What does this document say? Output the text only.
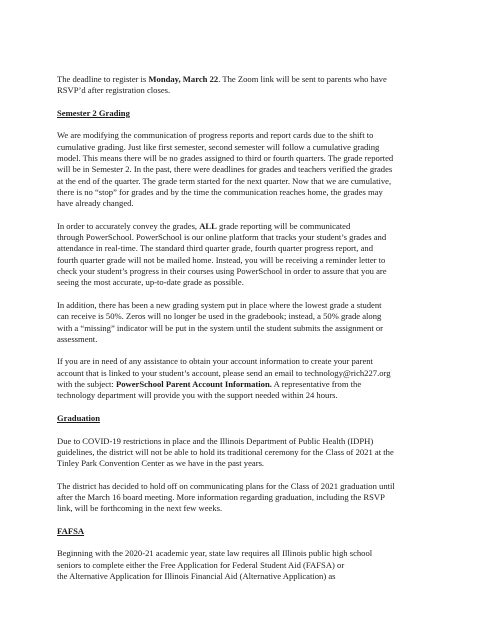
The deadline to register is Monday, March 22. The Zoom link will be sent to parents who have
RSVP’d after registration closes.

Semester 2 Grading

We are modifying the communication of progress reports and report cards due to the shift to
cumulative grading. Just like first semester, second semester will follow a cumulative grading
model. This means there will be no grades assigned to third or fourth quarters. The grade reported
will be in Semester 2. In the past, there were deadlines for grades and teachers verified the grades
at the end of the quarter. The grade term started for the next quarter. Now that we are cumulative,
there is no “stop” for grades and by the time the communication reaches home, the grades may
have already changed.

In order to accurately convey the grades, ALL grade reporting will be communicated
through PowerSchool. PowerSchool is our online platform that tracks your student’s grades and
attendance in real-time. The standard third quarter grade, fourth quarter progress report, and
fourth quarter grade will not be mailed home. Instead, you will be receiving a reminder letter to
check your student’s progress in their courses using PowerSchool in order to assure that you are
seeing the most accurate, up-to-date grade as possible.

In addition, there has been a new grading system put in place where the lowest grade a student
can receive is 50%. Zeros will no longer be used in the gradebook; instead, a 50% grade along
with a “missing” indicator will be put in the system until the student submits the assignment or
assessment.

If you are in need of any assistance to obtain your account information to create your parent
account that is linked to your student’s account, please send an email to technology@rich227.org
with the subject: PowerSchool Parent Account Information. A representative from the
technology department will provide you with the support needed within 24 hours.

Graduation

Due to COVID-19 restrictions in place and the Illinois Department of Public Health (IDPH)
guidelines, the district will not be able to hold its traditional ceremony for the Class of 2021 at the
Tinley Park Convention Center as we have in the past years.

The district has decided to hold off on communicating plans for the Class of 2021 graduation until
after the March 16 board meeting. More information regarding graduation, including the RSVP
link, will be forthcoming in the next few weeks.

FAFSA

Beginning with the 2020-21 academic year, state law requires all Illinois public high school
seniors to complete either the Free Application for Federal Student Aid (FAFSA) or
the Alternative Application for Illinois Financial Aid (Alternative Application) as
